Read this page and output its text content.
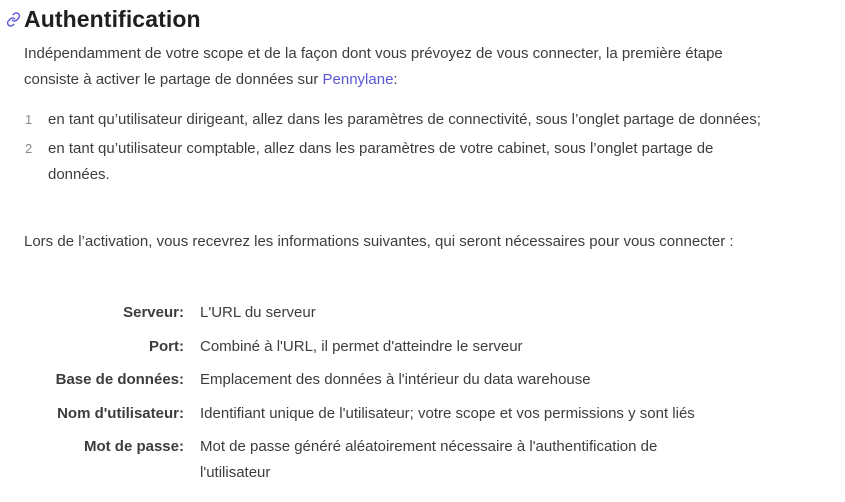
Authentification
Indépendamment de votre scope et de la façon dont vous prévoyez de vous connecter, la première étape consiste à activer le partage de données sur Pennylane:
1	en tant qu’utilisateur dirigeant, allez dans les paramètres de connectivité, sous l’onglet partage de données;
2	en tant qu’utilisateur comptable, allez dans les paramètres de votre cabinet, sous l’onglet partage de données.
Lors de l’activation, vous recevrez les informations suivantes, qui seront nécessaires pour vous connecter :
Serveur: L'URL du serveur
Port: Combiné à l'URL, il permet d'atteindre le serveur
Base de données: Emplacement des données à l'intérieur du data warehouse
Nom d'utilisateur: Identifiant unique de l'utilisateur; votre scope et vos permissions y sont liés
Mot de passe: Mot de passe généré aléatoirement nécessaire à l'authentification de l'utilisateur
